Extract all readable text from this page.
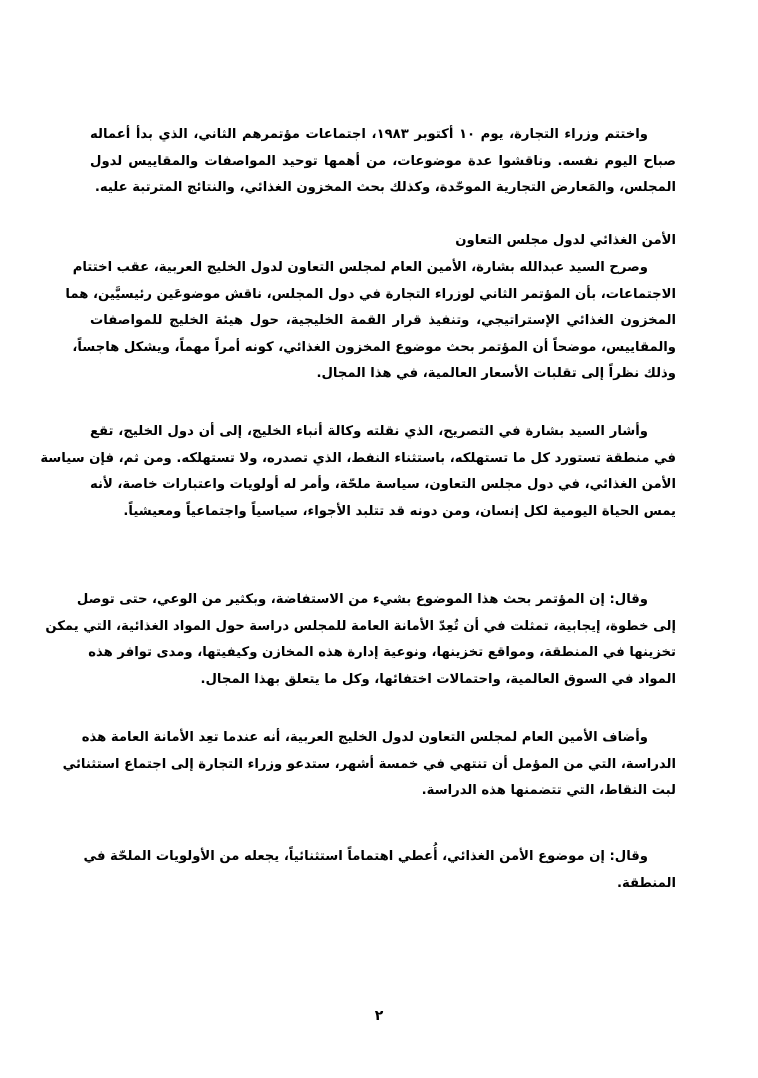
واختتم وزراء التجارة، يوم ١٠ أكتوبر ١٩٨٣، اجتماعات مؤتمرهم الثاني، الذي بدأ أعماله
صباح اليوم نفسه. وناقشوا عدة موضوعات، من أهمها توحيد المواصفات والمقاييس لدول
المجلس، والمَعارض التجارية الموحّدة، وكذلك بحث المخزون الغذائي، والنتائج المترتبة عليه.
الأمن الغذائي لدول مجلس التعاون
وصرح السيد عبدالله بشارة، الأمين العام لمجلس التعاون لدول الخليج العربية، عقب اختتام
الاجتماعات، بأن المؤتمر الثاني لوزراء التجارة في دول المجلس، ناقش موضوعَين رئيسيَّين، هما
المخزون الغذائي الإستراتيجي، وتنفيذ قرار القمة الخليجية، حول هيئة الخليج للمواصفات
والمقاييس، موضحاً أن المؤتمر بحث موضوع المخزون الغذائي، كونه أمراً مهماً، ويشكل هاجساً،
وذلك نظراً إلى تقلبات الأسعار العالمية، في هذا المجال.
وأشار السيد بشارة في التصريح، الذي نقلته وكالة أنباء الخليج، إلى أن دول الخليج، تقع
في منطقة تستورد كل ما تستهلكه، باستثناء النفط، الذي تصدره، ولا تستهلكه. ومن ثم، فإن سياسة
الأمن الغذائي، في دول مجلس التعاون، سياسة ملحّة، وأمر له أولويات واعتبارات خاصة، لأنه
يمس الحياة اليومية لكل إنسان، ومن دونه قد تتلبد الأجواء، سياسياً واجتماعياً ومعيشياً.
وقال: إن المؤتمر بحث هذا الموضوع بشيء من الاستفاضة، وبكثير من الوعي، حتى توصل
إلى خطوة، إيجابية، تمثلت في أن تُعِدّ الأمانة العامة للمجلس دراسة حول المواد الغذائية، التي يمكن
تخزينها في المنطقة، ومواقع تخزينها، ونوعية إدارة هذه المخازن وكيفيتها، ومدى توافر هذه
المواد في السوق العالمية، واحتمالات اختفائها، وكل ما يتعلق بهذا المجال.
وأضاف الأمين العام لمجلس التعاون لدول الخليج العربية، أنه عندما تعِد الأمانة العامة هذه
الدراسة، التي من المؤمل أن تنتهي في خمسة أشهر، ستدعو وزراء التجارة إلى اجتماع استثنائي
لبت النقاط، التي تتضمنها هذه الدراسة.
وقال: إن موضوع الأمن الغذائي، أُعطي اهتماماً استثنائياً، يجعله من الأولويات الملحّة في
المنطقة.
٢
